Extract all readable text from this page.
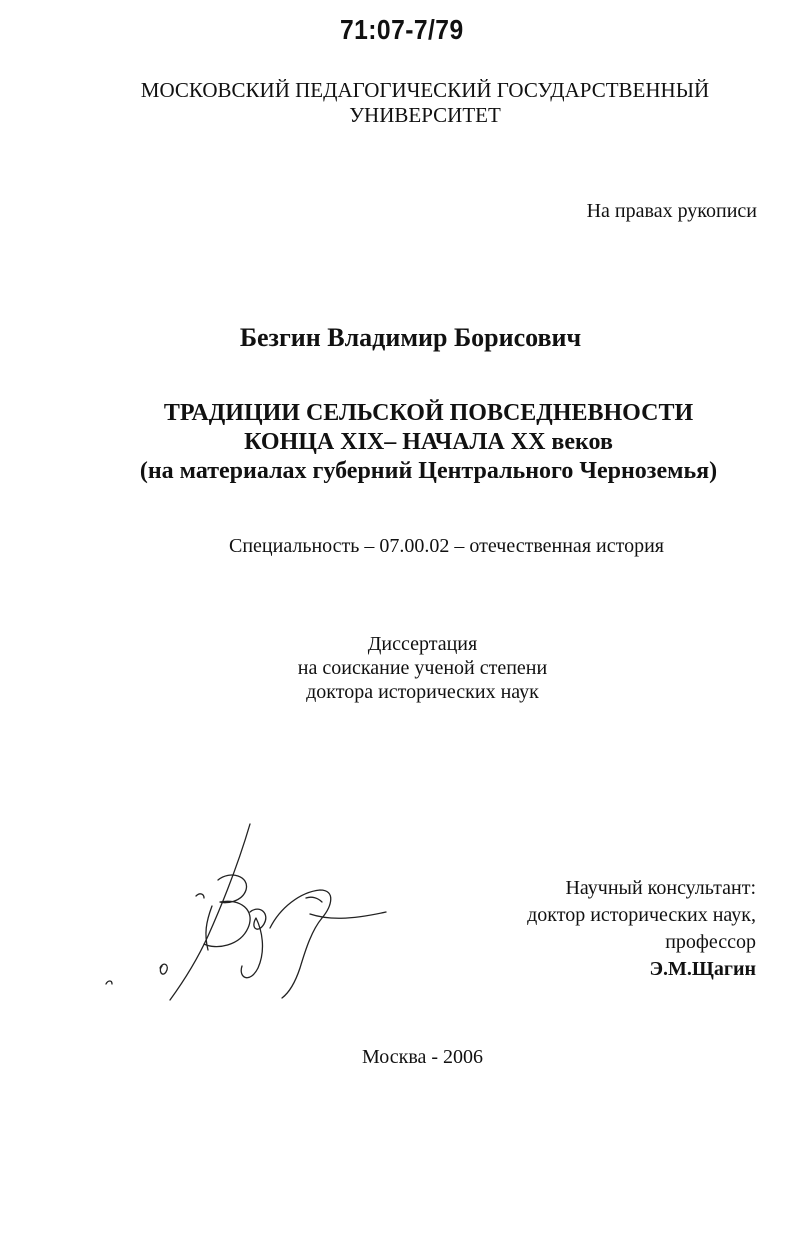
71:07-7/79
МОСКОВСКИЙ ПЕДАГОГИЧЕСКИЙ ГОСУДАРСТВЕННЫЙ
УНИВЕРСИТЕТ
На правах рукописи
Безгин Владимир Борисович
ТРАДИЦИИ СЕЛЬСКОЙ ПОВСЕДНЕВНОСТИ
КОНЦА XIX– НАЧАЛА XX веков
(на материалах губерний Центрального Черноземья)
Специальность – 07.00.02 – отечественная история
Диссертация
на соискание ученой степени
доктора исторических наук
Научный консультант:
доктор исторических наук,
профессор
Э.М.Щагин
Москва - 2006
